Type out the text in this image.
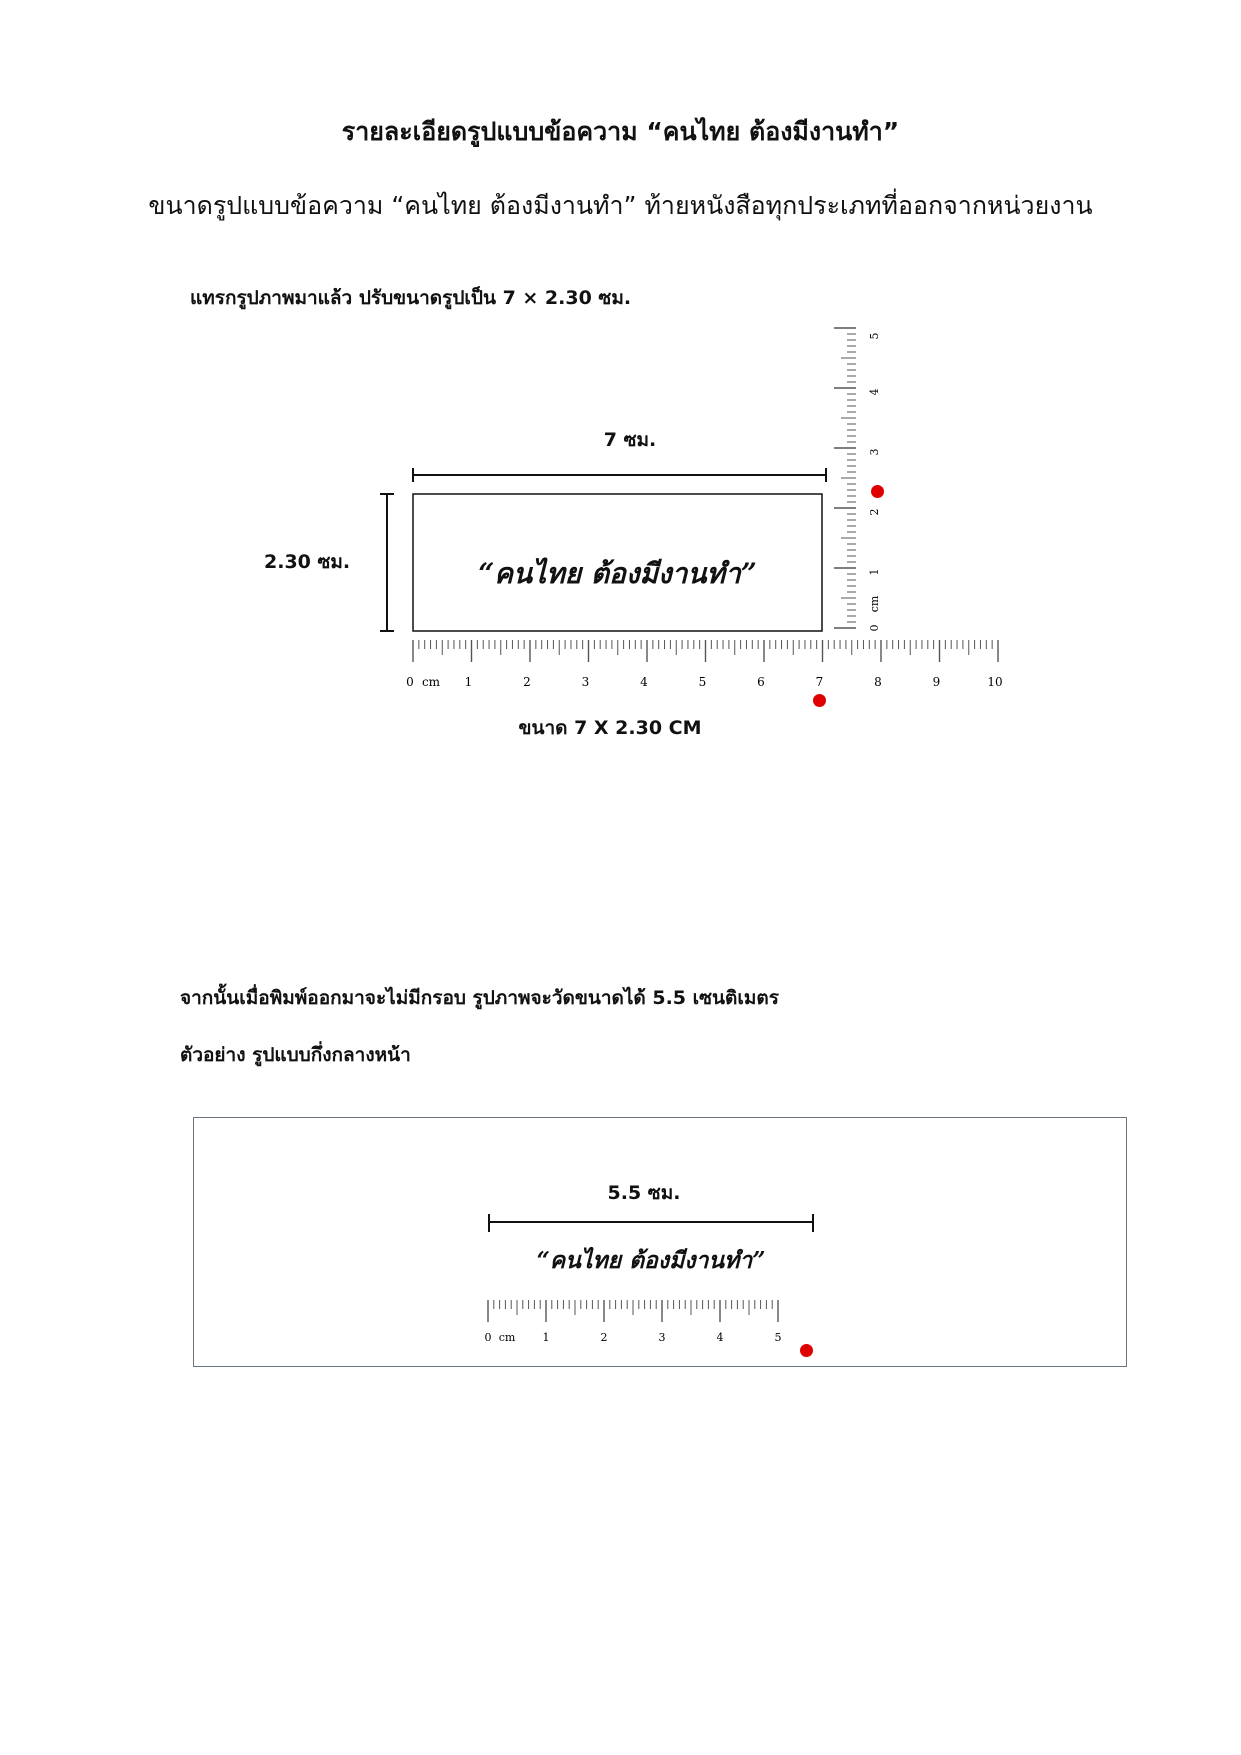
รายละเอียดรูปแบบข้อความ “คนไทย ต้องมีงานทำ”
ขนาดรูปแบบข้อความ “คนไทย ต้องมีงานทำ” ท้ายหนังสือทุกประเภทที่ออกจากหน่วยงาน
แทรกรูปภาพมาแล้ว ปรับขนาดรูปเป็น 7 × 2.30 ซม.
7 ซม.
2.30 ซม.	“คนไทย ต้องมีงานทำ”
0 cm 1	2	3	4	5	6	7	8	9	10
0
cm
1
2
3
4
5
ขนาด 7 X 2.30 CM
จากนั้นเมื่อพิมพ์ออกมาจะไม่มีกรอบ รูปภาพจะวัดขนาดได้ 5.5 เซนติเมตร
ตัวอย่าง รูปแบบกึ่งกลางหน้า
5.5 ซม.
“คนไทย ต้องมีงานทำ”
0 cm 1	2	3	4	5
